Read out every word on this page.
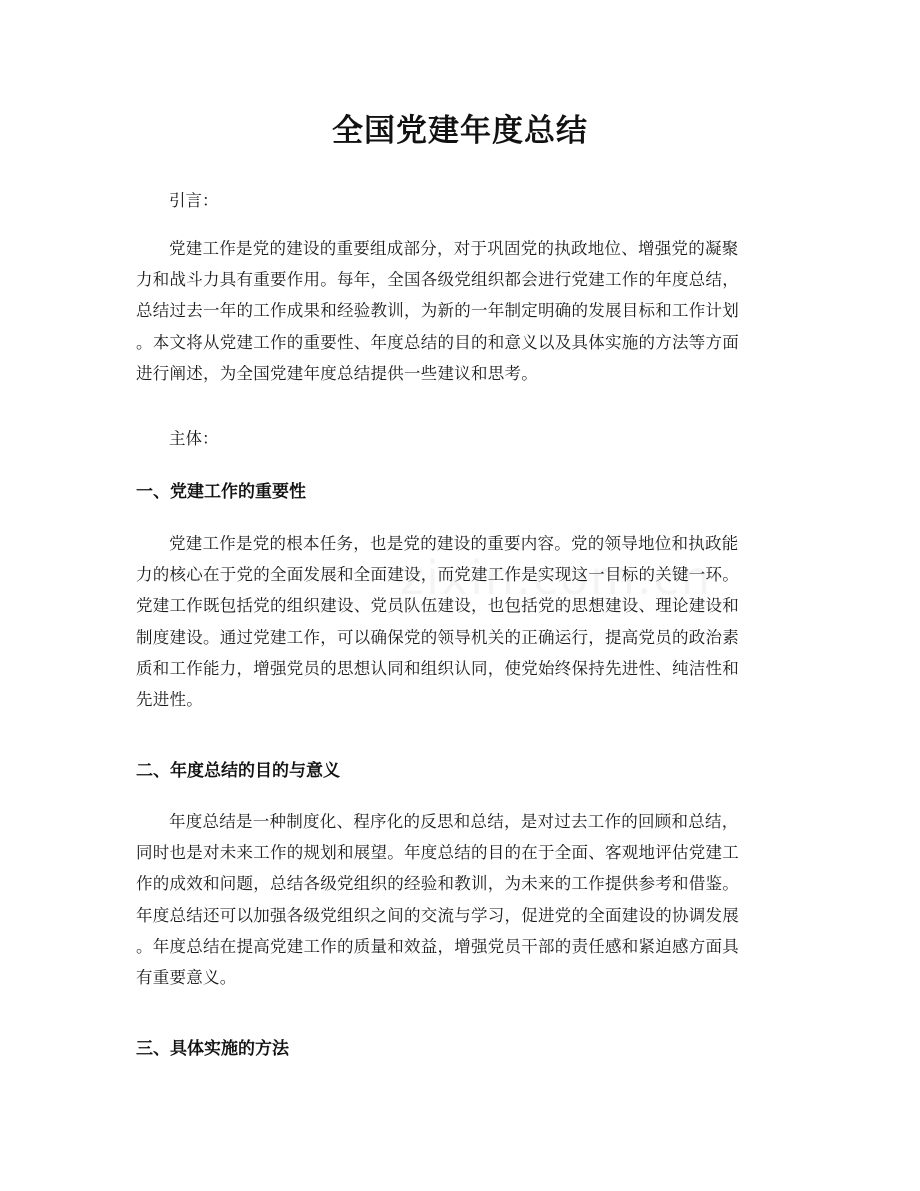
全国党建年度总结
引言：
党建工作是党的建设的重要组成部分，对于巩固党的执政地位、增强党的凝聚
力和战斗力具有重要作用。每年，全国各级党组织都会进行党建工作的年度总结，
总结过去一年的工作成果和经验教训，为新的一年制定明确的发展目标和工作计划
。本文将从党建工作的重要性、年度总结的目的和意义以及具体实施的方法等方面
进行阐述，为全国党建年度总结提供一些建议和思考。
主体：
一、党建工作的重要性
党建工作是党的根本任务，也是党的建设的重要内容。党的领导地位和执政能
力的核心在于党的全面发展和全面建设，而党建工作是实现这一目标的关键一环。
党建工作既包括党的组织建设、党员队伍建设，也包括党的思想建设、理论建设和
制度建设。通过党建工作，可以确保党的领导机关的正确运行，提高党员的政治素
质和工作能力，增强党员的思想认同和组织认同，使党始终保持先进性、纯洁性和
先进性。
二、年度总结的目的与意义
年度总结是一种制度化、程序化的反思和总结，是对过去工作的回顾和总结，
同时也是对未来工作的规划和展望。年度总结的目的在于全面、客观地评估党建工
作的成效和问题，总结各级党组织的经验和教训，为未来的工作提供参考和借鉴。
年度总结还可以加强各级党组织之间的交流与学习，促进党的全面建设的协调发展
。年度总结在提高党建工作的质量和效益，增强党员干部的责任感和紧迫感方面具
有重要意义。
三、具体实施的方法
